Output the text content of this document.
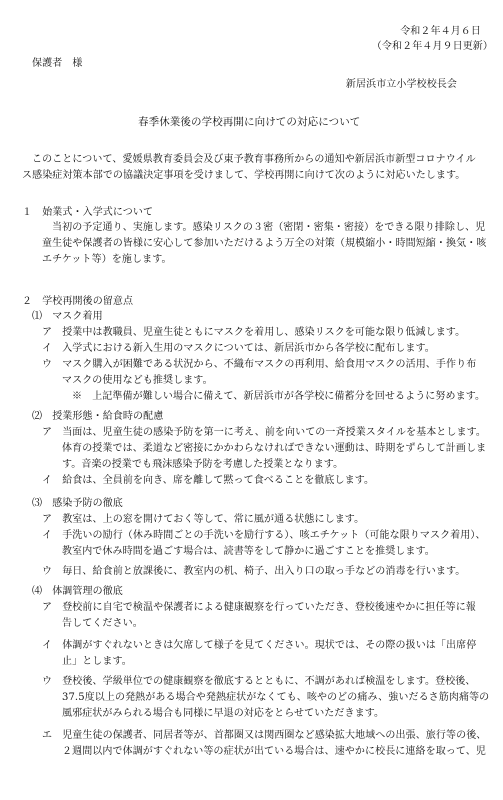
令和２年４月６日
（令和２年４月９日更新）
保護者　様
新居浜市立小学校校長会
春季休業後の学校再開に向けての対応について
このことについて、愛媛県教育委員会及び東予教育事務所からの通知や新居浜市新型コロナウイル
ス感染症対策本部での協議決定事項を受けまして、学校再開に向けて次のように対応いたします。
１　始業式・入学式について
当初の予定通り、実施します。感染リスクの３密（密閉・密集・密接）をできる限り排除し、児
童生徒や保護者の皆様に安心して参加いただけるよう万全の対策（規模縮小・時間短縮・換気・咳
エチケット等）を施します。
２　学校再開後の留意点
⑴　マスク着用
ア　授業中は教職員、児童生徒ともにマスクを着用し、感染リスクを可能な限り低減します。
イ　入学式における新入生用のマスクについては、新居浜市から各学校に配布します。
ウ　マスク購入が困難である状況から、不織布マスクの再利用、給食用マスクの活用、手作り布
マスクの使用なども推奨します。
※　上記準備が難しい場合に備えて、新居浜市が各学校に備蓄分を回せるように努めます。
⑵　授業形態・給食時の配慮
ア　当面は、児童生徒の感染予防を第一に考え、前を向いての一斉授業スタイルを基本とします。
体育の授業では、柔道など密接にかかわらなければできない運動は、時期をずらして計画しま
す。音楽の授業でも飛沫感染予防を考慮した授業となります。
イ　給食は、全員前を向き、席を離して黙って食べることを徹底します。
⑶　感染予防の徹底
ア　教室は、上の窓を開けておく等して、常に風が通る状態にします。
イ　手洗いの励行（休み時間ごとの手洗いを励行する）、咳エチケット（可能な限りマスク着用）、
教室内で休み時間を過ごす場合は、読書等をして静かに過ごすことを推奨します。
ウ　毎日、給食前と放課後に、教室内の机、椅子、出入り口の取っ手などの消毒を行います。
⑷　体調管理の徹底
ア　登校前に自宅で検温や保護者による健康観察を行っていただき、登校後速やかに担任等に報
告してください。
イ　体調がすぐれないときは欠席して様子を見てください。現状では、その際の扱いは「出席停
止」とします。
ウ　登校後、学級単位での健康観察を徹底するとともに、不調があれば検温をします。登校後、
37.5度以上の発熱がある場合や発熱症状がなくても、咳やのどの痛み、強いだるさ筋肉痛等の
風邪症状がみられる場合も同様に早退の対応をとらせていただきます。
エ　児童生徒の保護者、同居者等が、首都圏又は関西圏など感染拡大地域への出張、旅行等の後、
２週間以内で体調がすぐれない等の症状が出ている場合は、速やかに校長に連絡を取って、児
